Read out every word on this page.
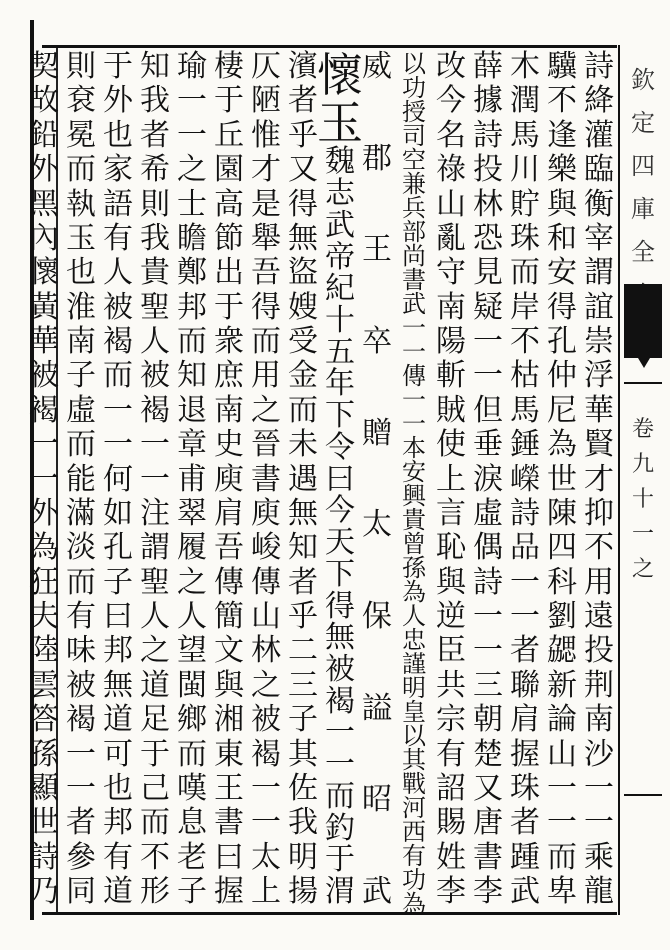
欽
定
四
庫
全
卷
九
十
一
之
詩
絳
灌
臨
衡
宰
謂
誼
崇
浮
華
賢
才
抑
不
用
遠
投
荆
南
沙
一
一
乘
龍
驥
不
逢
樂
與
和
安
得
孔
仲
尼
為
世
陳
四
科
劉
勰
新
論
山
一
一
而
卑
木
潤
馬
川
貯
珠
而
岸
不
枯
馬
錘
嶸
詩
品
一
一
者
聯
肩
握
珠
者
踵
武
薛
據
詩
投
林
恐
見
疑
一
一
但
垂
淚
虛
偶
詩
一
一
三
朝
楚
又
唐
書
李
改
今
名
祿
山
亂
守
南
陽
斬
賊
使
上
言
恥
與
逆
臣
共
宗
有
詔
賜
姓
李
以
功
授
司
空
兼
兵
部
尚
書
武
一
一
傳
一
一
本
安
興
貴
曾
孫
為
人
忠
謹
明
皇
以
其
戰
河
西
有
功
為
威
郡
王
卒
贈
太
保
謚
昭
武
懷
玉
魏
志
武
帝
紀
十
五
年
下
令
曰
今
天
下
得
無
被
褐
一
一
而
釣
于
渭
濱
者
乎
又
得
無
盜
嫂
受
金
而
未
遇
無
知
者
乎
二
三
子
其
佐
我
明
揚
仄
陋
惟
才
是
舉
吾
得
而
用
之
晉
書
庾
峻
傳
山
林
之
被
褐
一
一
太
上
棲
于
丘
園
高
節
出
于
衆
庶
南
史
庾
肩
吾
傳
簡
文
與
湘
東
王
書
曰
握
瑜
一
一
之
士
瞻
鄭
邦
而
知
退
章
甫
翠
履
之
人
望
閩
鄉
而
嘆
息
老
子
知
我
者
希
則
我
貴
聖
人
被
褐
一
一
注
謂
聖
人
之
道
足
于
己
而
不
形
于
外
也
家
語
有
人
被
褐
而
一
一
何
如
孔
子
曰
邦
無
道
可
也
邦
有
道
則
袞
冕
而
執
玉
也
淮
南
子
虛
而
能
滿
淡
而
有
味
被
褐
一
一
者
參
同
契
故
鉛
外
黑
內
懷
黃
華
被
褐
一
一
外
為
狂
夫
陸
雲
答
孫
顯
世
詩
乃
